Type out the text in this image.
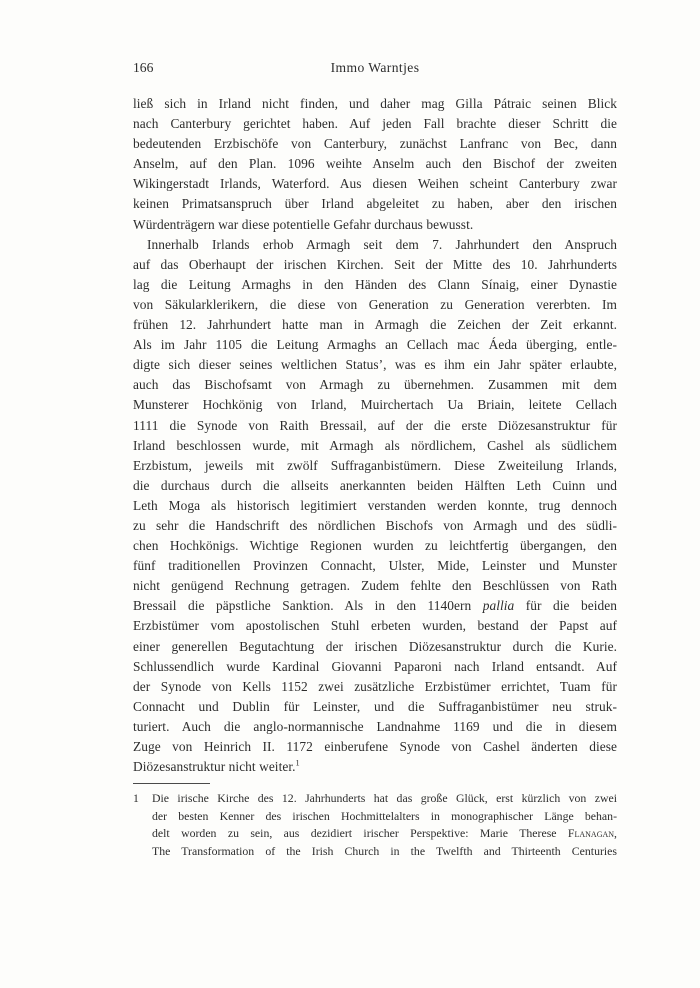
166	Immo Warntjes
ließ sich in Irland nicht finden, und daher mag Gilla Pátraic seinen Blick
nach Canterbury gerichtet haben. Auf jeden Fall brachte dieser Schritt die
bedeutenden Erzbischöfe von Canterbury, zunächst Lanfranc von Bec, dann
Anselm, auf den Plan. 1096 weihte Anselm auch den Bischof der zweiten
Wikingerstadt Irlands, Waterford. Aus diesen Weihen scheint Canterbury zwar
keinen Primatsanspruch über Irland abgeleitet zu haben, aber den irischen
Würdenträgern war diese potentielle Gefahr durchaus bewusst.
Innerhalb Irlands erhob Armagh seit dem 7. Jahrhundert den Anspruch
auf das Oberhaupt der irischen Kirchen. Seit der Mitte des 10. Jahrhunderts
lag die Leitung Armaghs in den Händen des Clann Sínaig, einer Dynastie
von Säkularklerikern, die diese von Generation zu Generation vererbten. Im
frühen 12. Jahrhundert hatte man in Armagh die Zeichen der Zeit erkannt.
Als im Jahr 1105 die Leitung Armaghs an Cellach mac Áeda überging, entle-
digte sich dieser seines weltlichen Status’, was es ihm ein Jahr später erlaubte,
auch das Bischofsamt von Armagh zu übernehmen. Zusammen mit dem
Munsterer Hochkönig von Irland, Muirchertach Ua Briain, leitete Cellach
1111 die Synode von Raith Bressail, auf der die erste Diözesanstruktur für
Irland beschlossen wurde, mit Armagh als nördlichem, Cashel als südlichem
Erzbistum, jeweils mit zwölf Suffraganbistümern. Diese Zweiteilung Irlands,
die durchaus durch die allseits anerkannten beiden Hälften Leth Cuinn und
Leth Moga als historisch legitimiert verstanden werden konnte, trug dennoch
zu sehr die Handschrift des nördlichen Bischofs von Armagh und des südli-
chen Hochkönigs. Wichtige Regionen wurden zu leichtfertig übergangen, den
fünf traditionellen Provinzen Connacht, Ulster, Mide, Leinster und Munster
nicht genügend Rechnung getragen. Zudem fehlte den Beschlüssen von Rath
Bressail die päpstliche Sanktion. Als in den 1140ern pallia für die beiden
Erzbistümer vom apostolischen Stuhl erbeten wurden, bestand der Papst auf
einer generellen Begutachtung der irischen Diözesanstruktur durch die Kurie.
Schlussendlich wurde Kardinal Giovanni Paparoni nach Irland entsandt. Auf
der Synode von Kells 1152 zwei zusätzliche Erzbistümer errichtet, Tuam für
Connacht und Dublin für Leinster, und die Suffraganbistümer neu struk-
turiert. Auch die anglo-normannische Landnahme 1169 und die in diesem
Zuge von Heinrich II. 1172 einberufene Synode von Cashel änderten diese
Diözesanstruktur nicht weiter.$^1$
1 Die irische Kirche des 12. Jahrhunderts hat das große Glück, erst kürzlich von zwei
der besten Kenner des irischen Hochmittelalters in monographischer Länge behan-
delt worden zu sein, aus dezidiert irischer Perspektive: Marie Therese Flanagan,
The Transformation of the Irish Church in the Twelfth and Thirteenth Centuries
